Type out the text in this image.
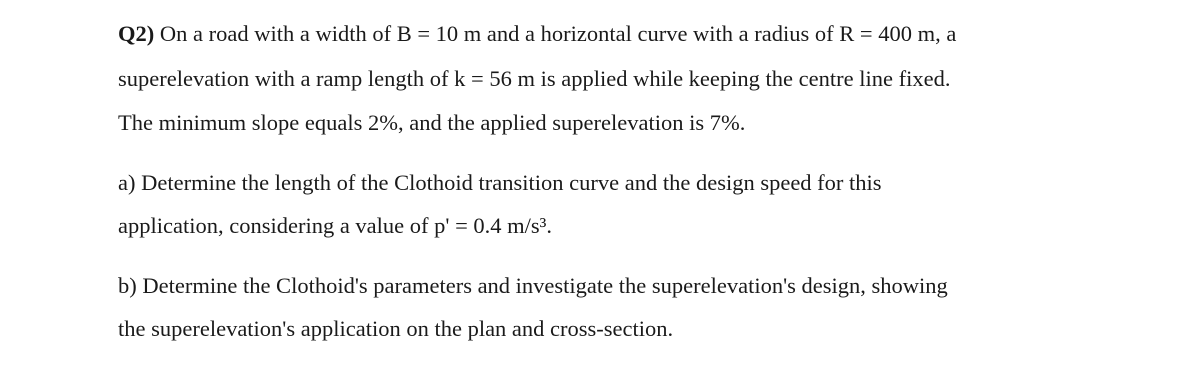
Q2) On a road with a width of B = 10 m and a horizontal curve with a radius of R = 400 m, a
superelevation with a ramp length of k = 56 m is applied while keeping the centre line fixed.
The minimum slope equals 2%, and the applied superelevation is 7%.
a) Determine the length of the Clothoid transition curve and the design speed for this
application, considering a value of p' = 0.4 m/s³.
b) Determine the Clothoid's parameters and investigate the superelevation's design, showing
the superelevation's application on the plan and cross-section.
